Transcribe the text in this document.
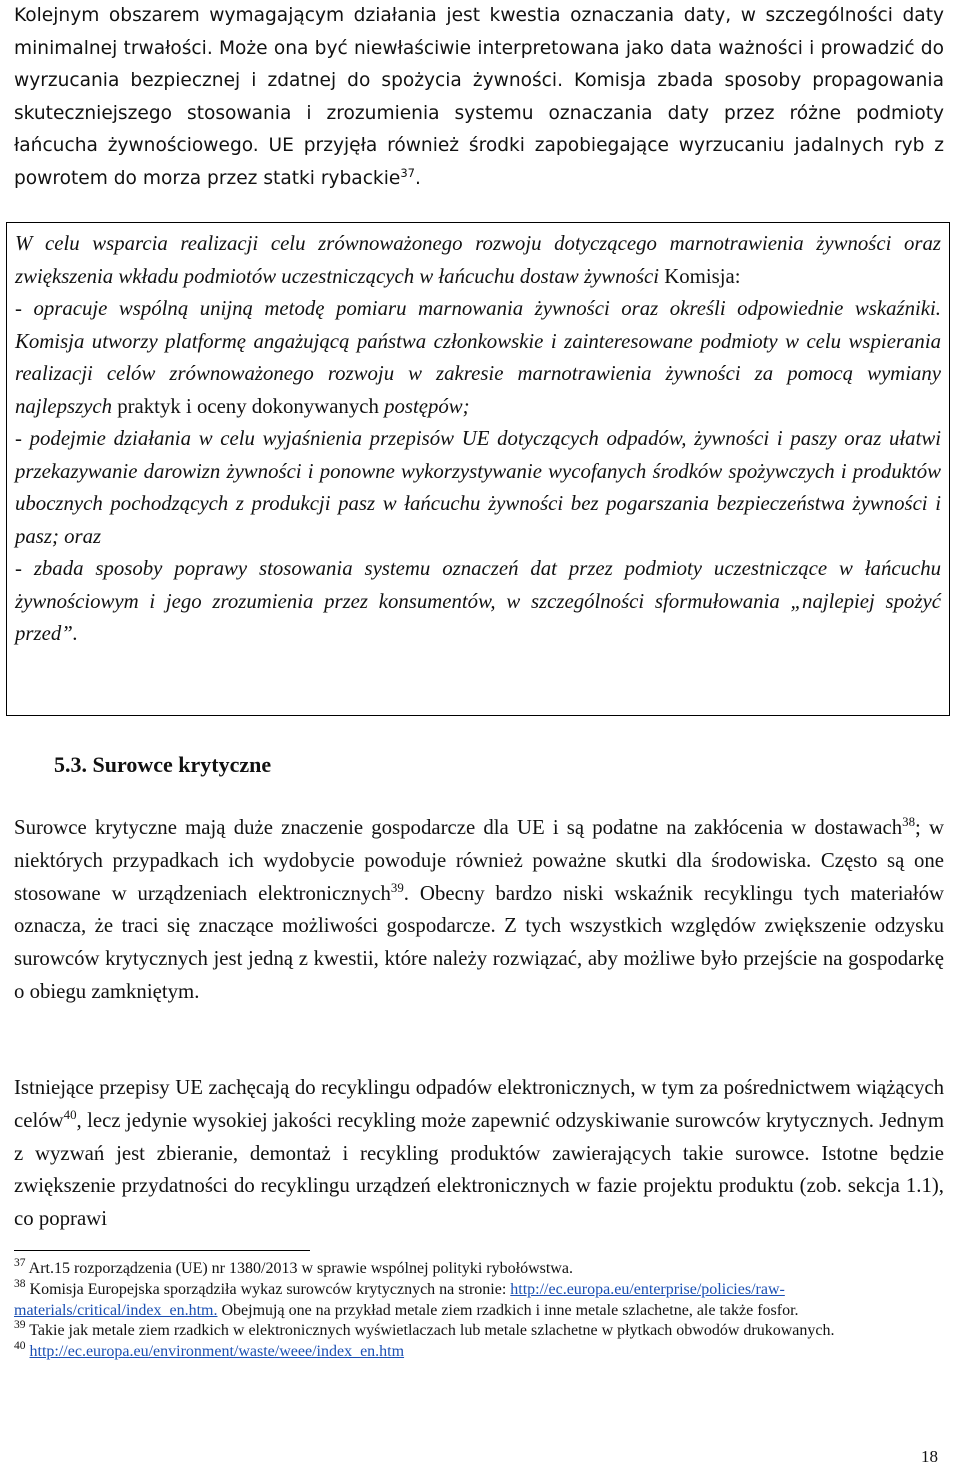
Kolejnym obszarem wymagającym działania jest kwestia oznaczania daty, w szczególności daty minimalnej trwałości. Może ona być niewłaściwie interpretowana jako data ważności i prowadzić do wyrzucania bezpiecznej i zdatnej do spożycia żywności. Komisja zbada sposoby propagowania skuteczniejszego stosowania i zrozumienia systemu oznaczania daty przez różne podmioty łańcucha żywnościowego. UE przyjęła również środki zapobiegające wyrzucaniu jadalnych ryb z powrotem do morza przez statki rybackie$^{37}$.

W celu wsparcia realizacji celu zrównoważonego rozwoju dotyczącego marnotrawienia żywności oraz zwiększenia wkładu podmiotów uczestniczących w łańcuchu dostaw żywności Komisja:

- opracuje wspólną unijną metodę pomiaru marnowania żywności oraz określi odpowiednie wskaźniki. Komisja utworzy platformę angażującą państwa członkowskie i zainteresowane podmioty w celu wspierania realizacji celów zrównoważonego rozwoju w zakresie marnotrawienia żywności za pomocą wymiany najlepszych praktyk i oceny dokonywanych postępów;

- podejmie działania w celu wyjaśnienia przepisów UE dotyczących odpadów, żywności i paszy oraz ułatwi przekazywanie darowizn żywności i ponowne wykorzystywanie wycofanych środków spożywczych i produktów ubocznych pochodzących z produkcji pasz w łańcuchu żywności bez pogarszania bezpieczeństwa żywności i pasz; oraz

- zbada sposoby poprawy stosowania systemu oznaczeń dat przez podmioty uczestniczące w łańcuchu żywnościowym i jego zrozumienia przez konsumentów, w szczególności sformułowania „najlepiej spożyć przed”.

5.3. Surowce krytyczne

Surowce krytyczne mają duże znaczenie gospodarcze dla UE i są podatne na zakłócenia w dostawach$^{38}$; w niektórych przypadkach ich wydobycie powoduje również poważne skutki dla środowiska. Często są one stosowane w urządzeniach elektronicznych$^{39}$. Obecny bardzo niski wskaźnik recyklingu tych materiałów oznacza, że traci się znaczące możliwości gospodarcze. Z tych wszystkich względów zwiększenie odzysku surowców krytycznych jest jedną z kwestii, które należy rozwiązać, aby możliwe było przejście na gospodarkę o obiegu zamkniętym.

Istniejące przepisy UE zachęcają do recyklingu odpadów elektronicznych, w tym za pośrednictwem wiążących celów$^{40}$, lecz jedynie wysokiej jakości recykling może zapewnić odzyskiwanie surowców krytycznych. Jednym z wyzwań jest zbieranie, demontaż i recykling produktów zawierających takie surowce. Istotne będzie zwiększenie przydatności do recyklingu urządzeń elektronicznych w fazie projektu produktu (zob. sekcja 1.1), co poprawi

$^{37}$ Art.15 rozporządzenia (UE) nr 1380/2013 w sprawie wspólnej polityki rybołówstwa.

$^{38}$ Komisja Europejska sporządziła wykaz surowców krytycznych na stronie: http://ec.europa.eu/enterprise/policies/raw-materials/critical/index_en.htm. Obejmują one na przykład metale ziem rzadkich i inne metale szlachetne, ale także fosfor.

$^{39}$ Takie jak metale ziem rzadkich w elektronicznych wyświetlaczach lub metale szlachetne w płytkach obwodów drukowanych.

$^{40}$ http://ec.europa.eu/environment/waste/weee/index_en.htm

18
